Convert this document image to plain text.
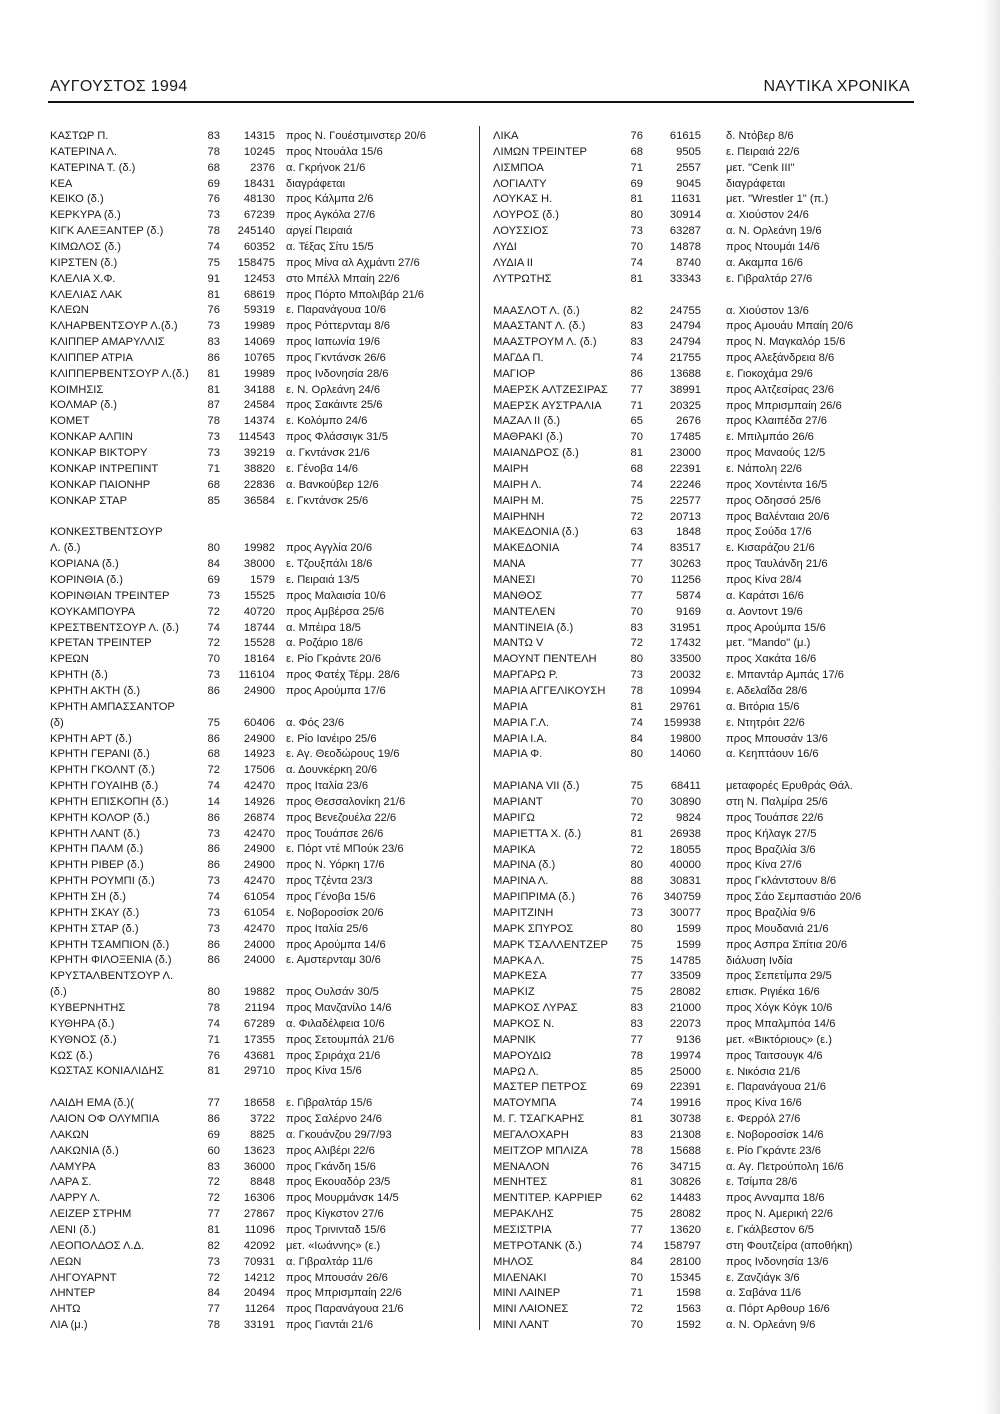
ΑΥΓΟΥΣΤΟΣ 1994	ΝΑΥΤΙΚΑ ΧΡΟΝΙΚΑ
ΚΑΣΤΩΡ Π.	83	14315 προς Ν. Γουέστμινστερ 20/6
ΚΑΤΕΡΙΝΑ Λ.	78	10245 προς Ντουάλα 15/6
ΚΑΤΕΡΙΝΑ Τ. (δ.)	68	2376 α. Γκρήνοκ 21/6
ΚΕΑ	69	18431 διαγράφεται
ΚΕΙΚΟ (δ.)	76	48130 προς Κάλμπα 2/6
ΚΕΡΚΥΡΑ (δ.)	73	67239 προς Αγκόλα 27/6
ΚΙΓΚ ΑΛΕΞΑΝΤΕΡ (δ.)	78	245140 αργεί Πειραιά
ΚΙΜΩΛΟΣ (δ.)	74	60352 α. Τέξας Σίτυ 15/5
ΚΙΡΣΤΕΝ (δ.)	75	158475 προς Μίνα αλ Αχμάντι 27/6
ΚΛΕΛΙΑ Χ.Φ.	91	12453 στο Μπέλλ Μπαίη 22/6
ΚΛΕΛΙΑΣ ΛΑΚ	81	68619 προς Πόρτο Μπολιβάρ 21/6
ΚΛΕΩΝ	76	59319 ε. Παρανάγουα 10/6
ΚΛΗΑΡΒΕΝΤΣΟΥΡ Λ.(δ.)	73	19989 προς Ρόττερνταμ 8/6
ΚΛΙΠΠΕΡ ΑΜΑΡΥΛΛΙΣ	83	14069 προς Ιαπωνία 19/6
ΚΛΙΠΠΕΡ ΑΤΡΙΑ	86	10765 προς Γκντάνσκ 26/6
ΚΛΙΠΠΕΡΒΕΝΤΣΟΥΡ Λ.(δ.)	81	19989 προς Ινδονησία 28/6
ΚΟΙΜΗΣΙΣ	81	34188 ε. Ν. Ορλεάνη 24/6
ΚΟΛΜΑΡ (δ.)	87	24584 προς Σακάιντε 25/6
ΚΟΜΕΤ	78	14374 ε. Κολόμπο 24/6
ΚΟΝΚΑΡ ΑΛΠΙΝ	73	114543 προς Φλάσσιγκ 31/5
ΚΟΝΚΑΡ ΒΙΚΤΟΡΥ	73	39219 α. Γκντάνσκ 21/6
ΚΟΝΚΑΡ ΙΝΤΡΕΠΙΝΤ	71	38820 ε. Γένοβα 14/6
ΚΟΝΚΑΡ ΠΑΙΟΝΗΡ	68	22836 α. Βανκούβερ 12/6
ΚΟΝΚΑΡ ΣΤΑΡ	85	36584 ε. Γκντάνσκ 25/6
ΚΟΝΚΕΣΤΒΕΝΤΣΟΥΡ
Λ. (δ.)	80	19982 προς Αγγλία 20/6
ΚΟΡΙΑΝΑ (δ.)	84	38000 ε. Τζουξπάλι 18/6
ΚΟΡΙΝΘΙΑ (δ.)	69	1579 ε. Πειραιά 13/5
ΚΟΡΙΝΘΙΑΝ ΤΡΕΙΝΤΕΡ	73	15525 προς Μαλαισία 10/6
ΚΟΥΚΑΜΠΟΥΡΑ	72	40720 προς Αμβέρσα 25/6
ΚΡΕΣΤΒΕΝΤΣΟΥΡ Λ. (δ.)	74	18744 α. Μπέιρα 18/5
ΚΡΕΤΑΝ ΤΡΕΙΝΤΕΡ	72	15528 α. Ροζάριο 18/6
ΚΡΕΩΝ	70	18164 ε. Ρίο Γκράντε 20/6
ΚΡΗΤΗ (δ.)	73	116104 προς Φατέχ Τέρμ. 28/6
ΚΡΗΤΗ ΑΚΤΗ (δ.)	86	24900 προς Αρούμπα 17/6
ΚΡΗΤΗ ΑΜΠΑΣΣΑΝΤΟΡ
(δ)	75	60406 α. Φός 23/6
ΚΡΗΤΗ ΑΡΤ (δ.)	86	24900 ε. Ρίο Ιανέιρο 25/6
ΚΡΗΤΗ ΓΕΡΑΝΙ (δ.)	68	14923 ε. Αγ. Θεοδώρους 19/6
ΚΡΗΤΗ ΓΚΟΛΝΤ (δ.)	72	17506 α. Δουνκέρκη 20/6
ΚΡΗΤΗ ΓΟΥΑΙΗΒ (δ.)	74	42470 προς Ιταλία 23/6
ΚΡΗΤΗ ΕΠΙΣΚΟΠΗ (δ.)	14	14926 προς Θεσσαλονίκη 21/6
ΚΡΗΤΗ ΚΟΛΟΡ (δ.)	86	26874 προς Βενεζουέλα 22/6
ΚΡΗΤΗ ΛΑΝΤ (δ.)	73	42470 προς Τουάπσε 26/6
ΚΡΗΤΗ ΠΑΛΜ (δ.)	86	24900 ε. Πόρτ ντέ ΜΠούκ 23/6
ΚΡΗΤΗ ΡΙΒΕΡ (δ.)	86	24900 προς Ν. Υόρκη 17/6
ΚΡΗΤΗ ΡΟΥΜΠΙ (δ.)	73	42470 προς Τζέντα 23/3
ΚΡΗΤΗ ΣΗ (δ.)	74	61054 προς Γένοβα 15/6
ΚΡΗΤΗ ΣΚΑΥ (δ.)	73	61054 ε. Νοβοροσίσκ 20/6
ΚΡΗΤΗ ΣΤΑΡ (δ.)	73	42470 προς Ιταλία 25/6
ΚΡΗΤΗ ΤΣΑΜΠΙΟΝ (δ.)	86	24000 προς Αρούμπα 14/6
ΚΡΗΤΗ ΦΙΛΟΞΕΝΙΑ (δ.)	86	24000 ε. Αμστερνταμ 30/6
ΚΡΥΣΤΑΛΒΕΝΤΣΟΥΡ Λ.
(δ.)	80	19882 προς Ουλσάν 30/5
ΚΥΒΕΡΝΗΤΗΣ	78	21194 προς Μανζανίλο 14/6
ΚΥΘΗΡΑ (δ.)	74	67289 α. Φιλαδέλφεια 10/6
ΚΥΘΝΟΣ (δ.)	71	17355 προς Σετουμπάλ 21/6
ΚΩΣ (δ.)	76	43681 προς Σριράχα 21/6
ΚΩΣΤΑΣ ΚΟΝΙΑΛΙΔΗΣ	81	29710 προς Κίνα 15/6
ΛΑΙΔΗ ΕΜΑ (δ.)(	77	18658 ε. Γιβραλτάρ 15/6
ΛΑΙΟΝ ΟΦ ΟΛΥΜΠΙΑ	86	3722 προς Σαλέρνο 24/6
ΛΑΚΩΝ	69	8825 α. Γκουάνζου 29/7/93
ΛΑΚΩΝΙΑ (δ.)	60	13623 προς Αλιβέρι 22/6
ΛΑΜΥΡΑ	83	36000 προς Γκάνδη 15/6
ΛΑΡΑ Σ.	72	8848 προς Εκουαδόρ 23/5
ΛΑΡΡΥ Λ.	72	16306 προς Μουρμάνσκ 14/5
ΛΕΙΖΕΡ ΣΤΡΗΜ	77	27867 προς Κίγκστον 27/6
ΛΕΝΙ (δ.)	81	11096 προς Τρινινταδ 15/6
ΛΕΟΠΟΛΔΟΣ Λ.Δ.	82	42092 μετ. «Ιωάννης» (ε.)
ΛΕΩΝ	73	70931 α. Γιβραλτάρ 11/6
ΛΗΓΟΥΑΡΝΤ	72	14212 προς Μπουσάν 26/6
ΛΗΝΤΕΡ	84	20494 προς Μπρισμπαίη 22/6
ΛΗΤΩ	77	11264 προς Παρανάγουα 21/6
ΛΙΑ (μ.)	78	33191 προς Γιαντάι 21/6
ΛΙΚΑ	76	61615 δ. Ντόβερ 8/6
ΛΙΜΩΝ ΤΡΕΙΝΤΕΡ	68	9505 ε. Πειραιά 22/6
ΛΙΣΜΠΟΑ	71	2557 μετ. "Cenk III"
ΛΟΓΙΑΛΤΥ	69	9045 διαγράφεται
ΛΟΥΚΑΣ Η.	81	11631 μετ. "Wrestler 1" (π.)
ΛΟΥΡΟΣ (δ.)	80	30914 α. Χιούστον 24/6
ΛΟΥΣΣΙΟΣ	73	63287 α. Ν. Ορλεάνη 19/6
ΛΥΔΙ	70	14878 προς Ντουμάι 14/6
ΛΥΔΙΑ ΙΙ	74	8740 α. Ακαμπα 16/6
ΛΥΤΡΩΤΗΣ	81	33343 ε. Γιβραλτάρ 27/6
ΜΑΑΣΛΟΤ Λ. (δ.)	82	24755 α. Χιούστον 13/6
ΜΑΑΣΤΑΝΤ Λ. (δ.)	83	24794 προς Αμουάυ Μπαίη 20/6
ΜΑΑΣΤΡΟΥΜ Λ. (δ.)	83	24794 προς Ν. Μαγκαλόρ 15/6
ΜΑΓΔΑ Π.	74	21755 προς Αλεξάνδρεια 8/6
ΜΑΓΙΟΡ	86	13688 ε. Γιοκοχάμα 29/6
ΜΑΕΡΣΚ ΑΛΤΖΕΣΙΡΑΣ	77	38991 προς Αλτζεσίρας 23/6
ΜΑΕΡΣΚ ΑΥΣΤΡΑΛΙΑ	71	20325 προς Μπρισμπαίη 26/6
ΜΑΖΑΛ ΙΙ (δ.)	65	2676 προς Κλαιπέδα 27/6
ΜΑΘΡΑΚΙ (δ.)	70	17485 ε. Μπιλμπάο 26/6
ΜΑΙΑΝΔΡΟΣ (δ.)	81	23000 προς Μαναούς 12/5
ΜΑΙΡΗ	68	22391 ε. Νάπολη 22/6
ΜΑΙΡΗ Λ.	74	22246 προς Χοντέιντα 16/5
ΜΑΙΡΗ Μ.	75	22577 προς Οδησσό 25/6
ΜΑΙΡΗΝΗ	72	20713 προς Βαλένταια 20/6
ΜΑΚΕΔΟΝΙΑ (δ.)	63	1848 προς Σούδα 17/6
ΜΑΚΕΔΟΝΙΑ	74	83517 ε. Κισαράζου 21/6
ΜΑΝΑ	77	30263 προς Ταυλάνδη 21/6
ΜΑΝΕΣΙ	70	11256 προς Κίνα 28/4
ΜΑΝΘΟΣ	77	5874 α. Καράτσι 16/6
ΜΑΝΤΕΛΕΝ	70	9169 α. Αοντοντ 19/6
ΜΑΝΤΙΝΕΙΑ (δ.)	83	31951 προς Αρούμπα 15/6
ΜΑΝΤΩ V	72	17432 μετ. "Mando" (μ.)
ΜΑΟΥΝΤ ΠΕΝΤΕΛΗ	80	33500 προς Χακάτα 16/6
ΜΑΡΓΑΡΩ Ρ.	73	20032 ε. Μπαντάρ Αμπάς 17/6
ΜΑΡΙΑ ΑΓΓΕΛΙΚΟΥΣΗ	78	10994 ε. Αδελαΐδα 28/6
ΜΑΡΙΑ	81	29761 α. Βιτόρια 15/6
ΜΑΡΙΑ Γ.Λ.	74	159938 ε. Ντητρόιτ 22/6
ΜΑΡΙΑ Ι.Α.	84	19800 προς Μπουσάν 13/6
ΜΑΡΙΑ Φ.	80	14060 α. Κεηπτάουν 16/6
ΜΑΡΙΑΝΑ VII (δ.)	75	68411 μεταφορές Ερυθράς Θάλ.
ΜΑΡΙΑΝΤ	70	30890 στη Ν. Παλμίρα 25/6
ΜΑΡΙΓΩ	72	9824 προς Τουάπσε 22/6
ΜΑΡΙΕΤΤΑ Χ. (δ.)	81	26938 προς Κήλαγκ 27/5
ΜΑΡΙΚΑ	72	18055 προς Βραζιλία 3/6
ΜΑΡΙΝΑ (δ.)	80	40000 προς Κίνα 27/6
ΜΑΡΙΝΑ Λ.	88	30831 προς Γκλάντστουν 8/6
ΜΑΡΙΠΡΙΜΑ (δ.)	76	340759 προς Σάο Σεμπαστιάο 20/6
ΜΑΡΙΤΖΙΝΗ	73	30077 προς Βραζιλία 9/6
ΜΑΡΚ ΣΠΥΡΟΣ	80	1599 προς Μουδανιά 21/6
ΜΑΡΚ ΤΣΑΛΛΕΝΤΖΕΡ	75	1599 προς Ασπρα Σπίτια 20/6
ΜΑΡΚΑ Λ.	75	14785 διάλυση Ινδία
ΜΑΡΚΕΣΑ	77	33509 προς Σεπετίμπα 29/5
ΜΑΡΚΙΖ	75	28082 επισκ. Ριγιέκα 16/6
ΜΑΡΚΟΣ ΛΥΡΑΣ	83	21000 προς Χόγκ Κόγκ 10/6
ΜΑΡΚΟΣ Ν.	83	22073 προς Μπαλμπόα 14/6
ΜΑΡΝΙΚ	77	9136 μετ. «Βικτόριους» (ε.)
ΜΑΡΟΥΔΙΩ	78	19974 προς Ταιτσουγκ 4/6
ΜΑΡΩ Λ.	85	25000 ε. Νικόσια 21/6
ΜΑΣΤΕΡ ΠΕΤΡΟΣ	69	22391 ε. Παρανάγουα 21/6
ΜΑΤΟΥΜΠΑ	74	19916 προς Κίνα 16/6
Μ. Γ. ΤΣΑΓΚΑΡΗΣ	81	30738 ε. Φερρόλ 27/6
ΜΕΓΑΛΟΧΑΡΗ	83	21308 ε. Νοβοροσίσκ 14/6
ΜΕΙΤΖΟΡ ΜΠΛΙΖΑ	78	15688 ε. Ρίο Γκράντε 23/6
ΜΕΝΑΛΟΝ	76	34715 α. Αγ. Πετρούπολη 16/6
ΜΕΝΗΤΕΣ	81	30826 ε. Τσίμπα 28/6
ΜΕΝΤΙΤΕΡ. ΚΑΡΡΙΕΡ	62	14483 προς Ανναμπα 18/6
ΜΕΡΑΚΛΗΣ	75	28082 προς Ν. Αμερική 22/6
ΜΕΣΙΣΤΡΙΑ	77	13620 ε. Γκάλβεστον 6/5
ΜΕΤΡΟΤΑΝΚ (δ.)	74	158797 στη Φουτζείρα (αποθήκη)
ΜΗΛΟΣ	84	28100 προς Ινδονησία 13/6
ΜΙΛΕΝΑΚΙ	70	15345 ε. Ζανζιάγκ 3/6
ΜΙΝΙ ΛΑΙΝΕΡ	71	1598 α. Σαβάνα 11/6
ΜΙΝΙ ΛΑΙΟΝΕΣ	72	1563 α. Πόρτ Αρθουρ 16/6
ΜΙΝΙ ΛΑΝΤ	70	1592 α. Ν. Ορλεάνη 9/6
